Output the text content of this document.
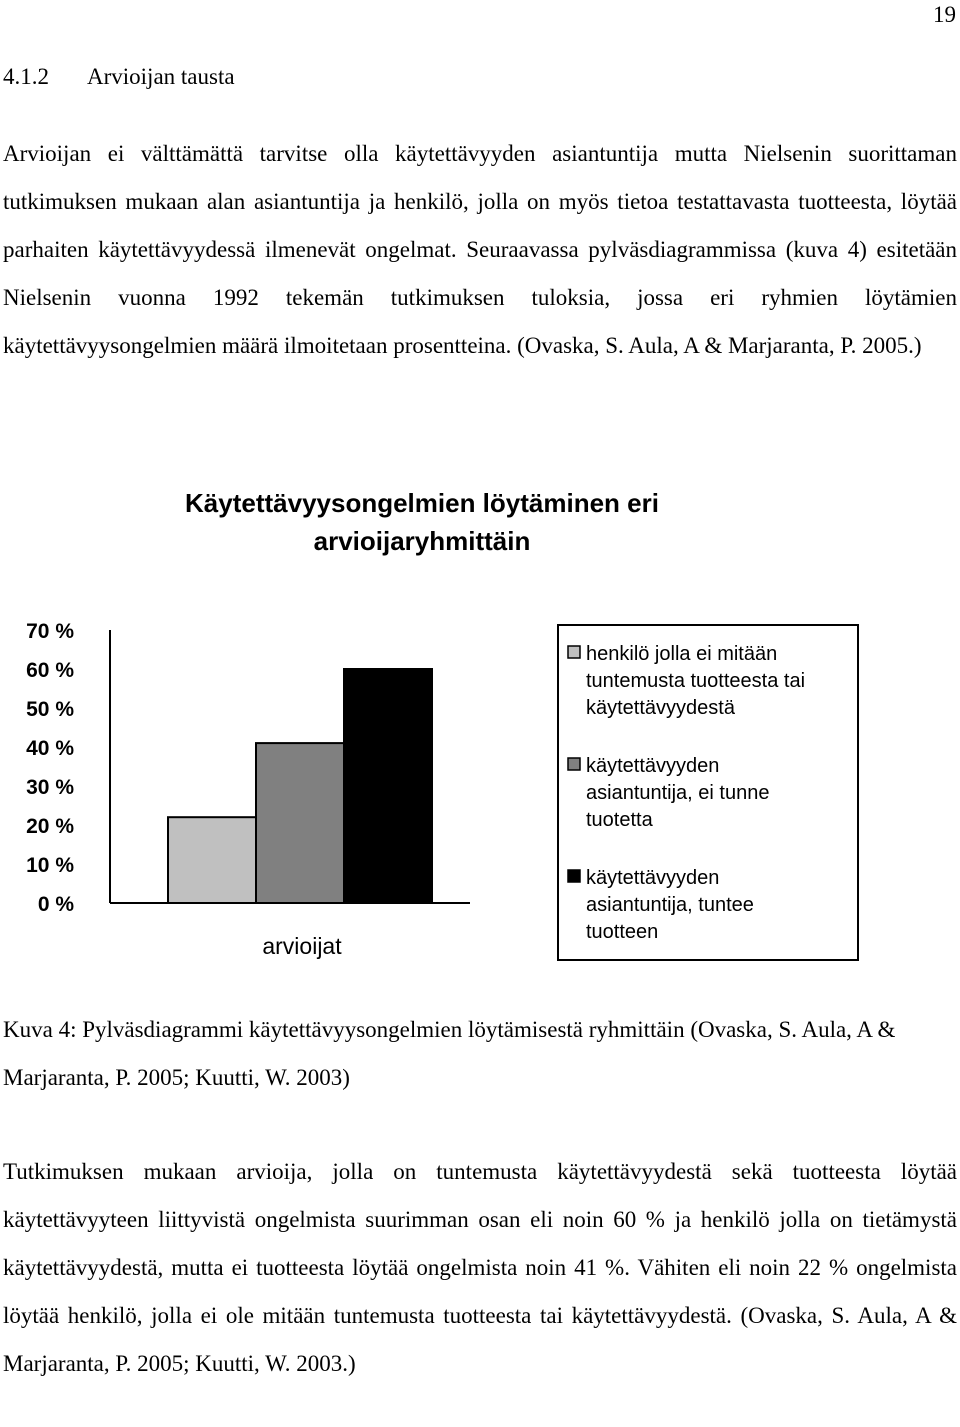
19
4.1.2 Arvioijan tausta

Arvioijan ei välttämättä tarvitse olla käytettävyyden asiantuntija mutta Nielsenin suorittaman tutkimuksen mukaan alan asiantuntija ja henkilö, jolla on myös tietoa testattavasta tuotteesta, löytää parhaiten käytettävyydessä ilmenevät ongelmat. Seuraavassa pylväsdiagrammissa (kuva 4) esitetään Nielsenin vuonna 1992 tekemän tutkimuksen tuloksia, jossa eri ryhmien löytämien käytettävyysongelmien määrä ilmoitetaan prosentteina. (Ovaska, S. Aula, A & Marjaranta, P. 2005.)

Käytettävyysongelmien löytäminen eri
arvioijaryhmittäin
0 %
10 %
20 %
30 %
40 %
50 %
60 %
70 %
arvioijat
henkilö jolla ei mitään
tuntemusta tuotteesta tai
käytettävyydestä
käytettävyyden
asiantuntija, ei tunne
tuotetta
käytettävyyden
asiantuntija, tuntee
tuotteen

Kuva 4: Pylväsdiagrammi käytettävyysongelmien löytämisestä ryhmittäin (Ovaska, S. Aula, A & Marjaranta, P. 2005; Kuutti, W. 2003)

Tutkimuksen mukaan arvioija, jolla on tuntemusta käytettävyydestä sekä tuotteesta löytää käytettävyyteen liittyvistä ongelmista suurimman osan eli noin 60 % ja henkilö jolla on tietämystä käytettävyydestä, mutta ei tuotteesta löytää ongelmista noin 41 %. Vähiten eli noin 22 % ongelmista löytää henkilö, jolla ei ole mitään tuntemusta tuotteesta tai käytettävyydestä. (Ovaska, S. Aula, A & Marjaranta, P. 2005; Kuutti, W. 2003.)
